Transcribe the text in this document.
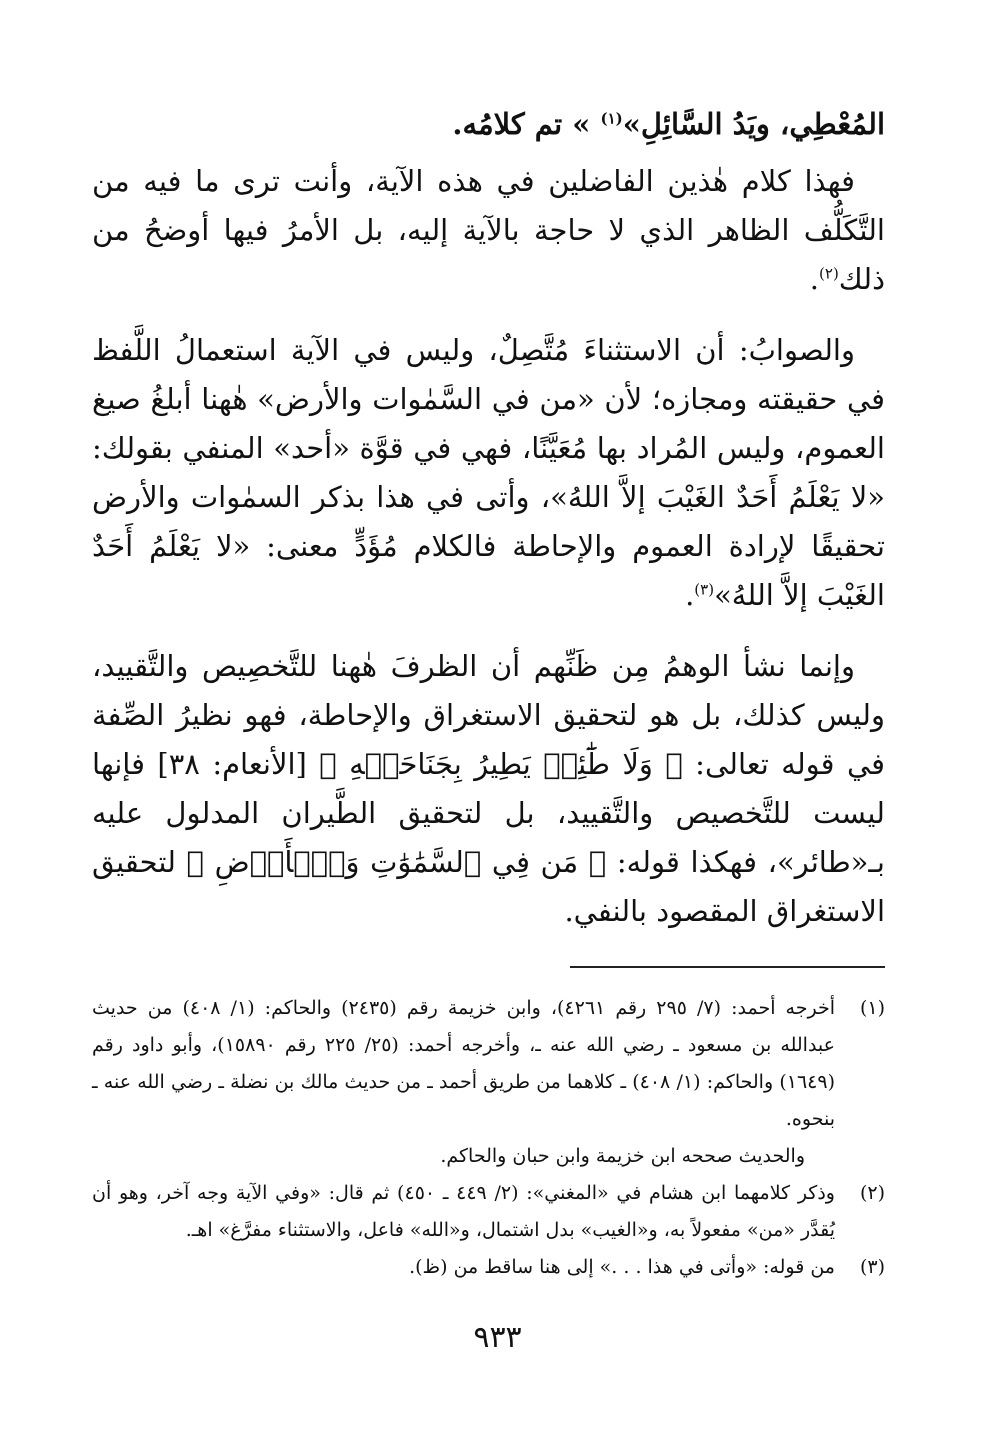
المُعْطِي، ويَدُ السَّائِلِ»$^{(١)}$ » تم كلامُه.

فهذا كلام هٰذين الفاضلين في هذه الآية، وأنت ترى ما فيه من التَّكَلُّف الظاهر الذي لا حاجة بالآية إليه، بل الأمرُ فيها أوضحُ من ذلك$^{(٢)}$.

والصوابُ: أن الاستثناءَ مُتَّصِلٌ، وليس في الآية استعمالُ اللَّفظ في حقيقته ومجازه؛ لأن «من في السَّمٰوات والأرض» هٰهنا أبلغُ صيغ العموم، وليس المُراد بها مُعَيَّنًا، فهي في قوَّة «أحد» المنفي بقولك: «لا يَعْلَمُ أَحَدٌ الغَيْبَ إلاَّ اللهُ»، وأتى في هذا بذكر السمٰوات والأرض تحقيقًا لإرادة العموم والإحاطة فالكلام مُؤَدٍّ معنى: «لا يَعْلَمُ أَحَدٌ الغَيْبَ إلاَّ اللهُ»$^{(٣)}$.

وإنما نشأ الوهمُ مِن ظَنِّهم أن الظرفَ هٰهنا للتَّخصِيص والتَّقييد، وليس كذلك، بل هو لتحقيق الاستغراق والإحاطة، فهو نظيرُ الصِّفة في قوله تعالى: ﴿ وَلَا طَٰٓئِرٖ يَطِيرُ بِجَنَاحَيۡهِ ﴾ [الأنعام: ٣٨] فإنها ليست للتَّخصيص والتَّقييد، بل لتحقيق الطَّيران المدلول عليه بـ«طائر»، فهكذا قوله: ﴿ مَن فِي ٱلسَّمَٰوَٰتِ وَٱلۡأَرۡضِ ﴾ لتحقيق الاستغراق المقصود بالنفي.

(١)
أخرجه أحمد: (٧/ ٢٩٥ رقم ٤٢٦١)، وابن خزيمة رقم (٢٤٣٥) والحاكم: (١/ ٤٠٨) من حديث عبدالله بن مسعود ـ رضي الله عنه ـ، وأخرجه أحمد: (٢٥/ ٢٢٥ رقم ١٥٨٩٠)، وأبو داود رقم (١٦٤٩) والحاكم: (١/ ٤٠٨) ـ كلاهما من طريق أحمد ـ من حديث مالك بن نضلة ـ رضي الله عنه ـ بنحوه.
والحديث صححه ابن خزيمة وابن حبان والحاكم.
(٢)
وذكر كلامهما ابن هشام في «المغني»: (٢/ ٤٤٩ ـ ٤٥٠) ثم قال: «وفي الآية وجه آخر، وهو أن يُقدَّر «من» مفعولاً به، و«الغيب» بدل اشتمال، و«الله» فاعل، والاستثناء مفرَّغ» اهـ.
(٣)
من قوله: «وأتى في هذا . . .» إلى هنا ساقط من (ظ).
٩٣٣
